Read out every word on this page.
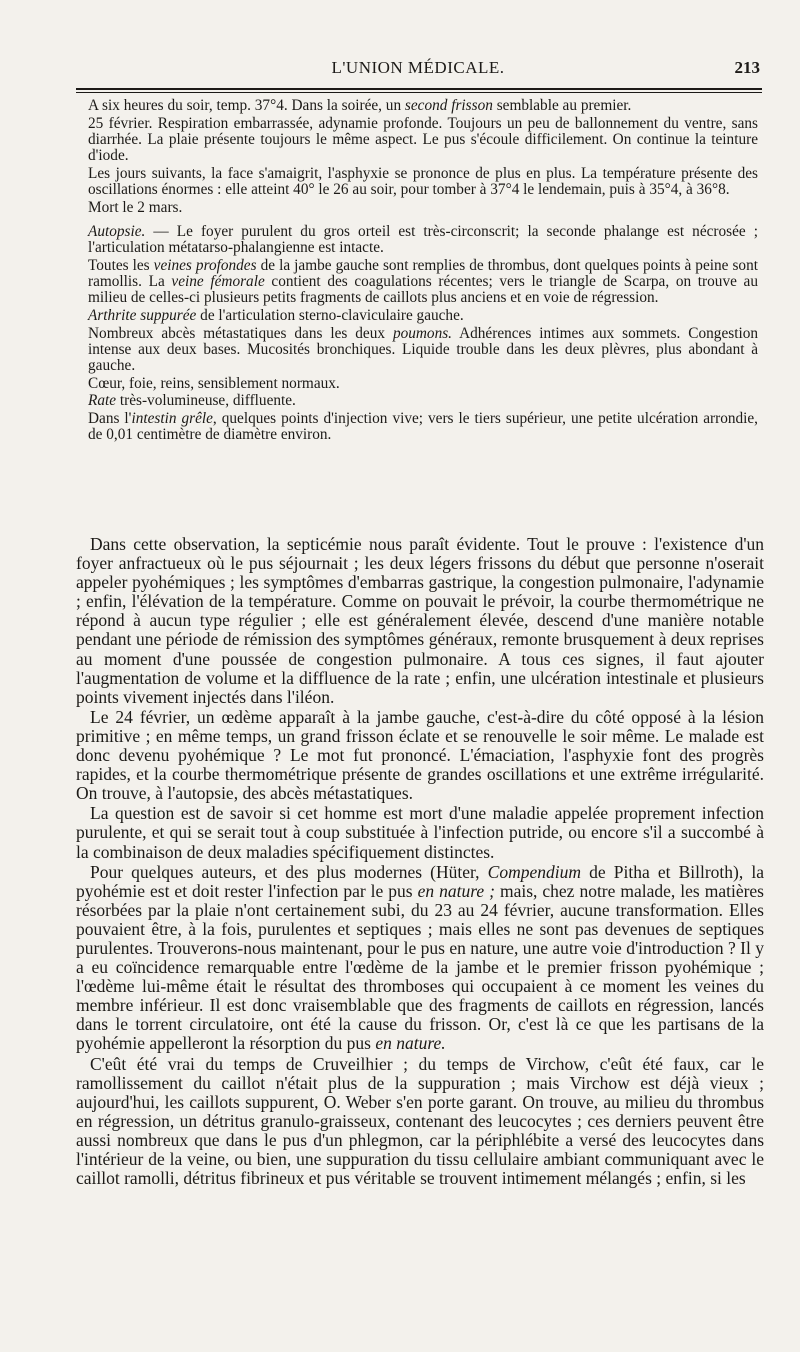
L'UNION MÉDICALE.	213

A six heures du soir, temp. 37°4. Dans la soirée, un second frisson semblable au premier.

25 février. Respiration embarrassée, adynamie profonde. Toujours un peu de ballonnement du ventre, sans diarrhée. La plaie présente toujours le même aspect. Le pus s'écoule difficilement. On continue la teinture d'iode.

Les jours suivants, la face s'amaigrit, l'asphyxie se prononce de plus en plus. La température présente des oscillations énormes : elle atteint 40° le 26 au soir, pour tomber à 37°4 le lendemain, puis à 35°4, à 36°8.

Mort le 2 mars.

Autopsie. — Le foyer purulent du gros orteil est très-circonscrit; la seconde phalange est nécrosée ; l'articulation métatarso-phalangienne est intacte.

Toutes les veines profondes de la jambe gauche sont remplies de thrombus, dont quelques points à peine sont ramollis. La veine fémorale contient des coagulations récentes; vers le triangle de Scarpa, on trouve au milieu de celles-ci plusieurs petits fragments de caillots plus anciens et en voie de régression.

Arthrite suppurée de l'articulation sterno-claviculaire gauche.

Nombreux abcès métastatiques dans les deux poumons. Adhérences intimes aux sommets. Congestion intense aux deux bases. Mucosités bronchiques. Liquide trouble dans les deux plèvres, plus abondant à gauche.

Cœur, foie, reins, sensiblement normaux.

Rate très-volumineuse, diffluente.

Dans l'intestin grêle, quelques points d'injection vive; vers le tiers supérieur, une petite ulcération arrondie, de 0,01 centimètre de diamètre environ.

Dans cette observation, la septicémie nous paraît évidente. Tout le prouve : l'existence d'un foyer anfractueux où le pus séjournait ; les deux légers frissons du début que personne n'oserait appeler pyohémiques ; les symptômes d'embarras gastrique, la congestion pulmonaire, l'adynamie ; enfin, l'élévation de la température. Comme on pouvait le prévoir, la courbe thermométrique ne répond à aucun type régulier ; elle est généralement élevée, descend d'une manière notable pendant une période de rémission des symptômes généraux, remonte brusquement à deux reprises au moment d'une poussée de congestion pulmonaire. A tous ces signes, il faut ajouter l'augmentation de volume et la diffluence de la rate ; enfin, une ulcération intestinale et plusieurs points vivement injectés dans l'iléon.

Le 24 février, un œdème apparaît à la jambe gauche, c'est-à-dire du côté opposé à la lésion primitive ; en même temps, un grand frisson éclate et se renouvelle le soir même. Le malade est donc devenu pyohémique ? Le mot fut prononcé. L'émaciation, l'asphyxie font des progrès rapides, et la courbe thermométrique présente de grandes oscillations et une extrême irrégularité. On trouve, à l'autopsie, des abcès métastatiques.

La question est de savoir si cet homme est mort d'une maladie appelée proprement infection purulente, et qui se serait tout à coup substituée à l'infection putride, ou encore s'il a succombé à la combinaison de deux maladies spécifiquement distinctes.

Pour quelques auteurs, et des plus modernes (Hüter, Compendium de Pitha et Billroth), la pyohémie est et doit rester l'infection par le pus en nature ; mais, chez notre malade, les matières résorbées par la plaie n'ont certainement subi, du 23 au 24 février, aucune transformation. Elles pouvaient être, à la fois, purulentes et septiques ; mais elles ne sont pas devenues de septiques purulentes. Trouverons-nous maintenant, pour le pus en nature, une autre voie d'introduction ? Il y a eu coïncidence remarquable entre l'œdème de la jambe et le premier frisson pyohémique ; l'œdème lui-même était le résultat des thromboses qui occupaient à ce moment les veines du membre inférieur. Il est donc vraisemblable que des fragments de caillots en régression, lancés dans le torrent circulatoire, ont été la cause du frisson. Or, c'est là ce que les partisans de la pyohémie appelleront la résorption du pus en nature.

C'eût été vrai du temps de Cruveilhier ; du temps de Virchow, c'eût été faux, car le ramollissement du caillot n'était plus de la suppuration ; mais Virchow est déjà vieux ; aujourd'hui, les caillots suppurent, O. Weber s'en porte garant. On trouve, au milieu du thrombus en régression, un détritus granulo-graisseux, contenant des leucocytes ; ces derniers peuvent être aussi nombreux que dans le pus d'un phlegmon, car la périphlébite a versé des leucocytes dans l'intérieur de la veine, ou bien, une suppuration du tissu cellulaire ambiant communiquant avec le caillot ramolli, détritus fibrineux et pus véritable se trouvent intimement mélangés ; enfin, si les
